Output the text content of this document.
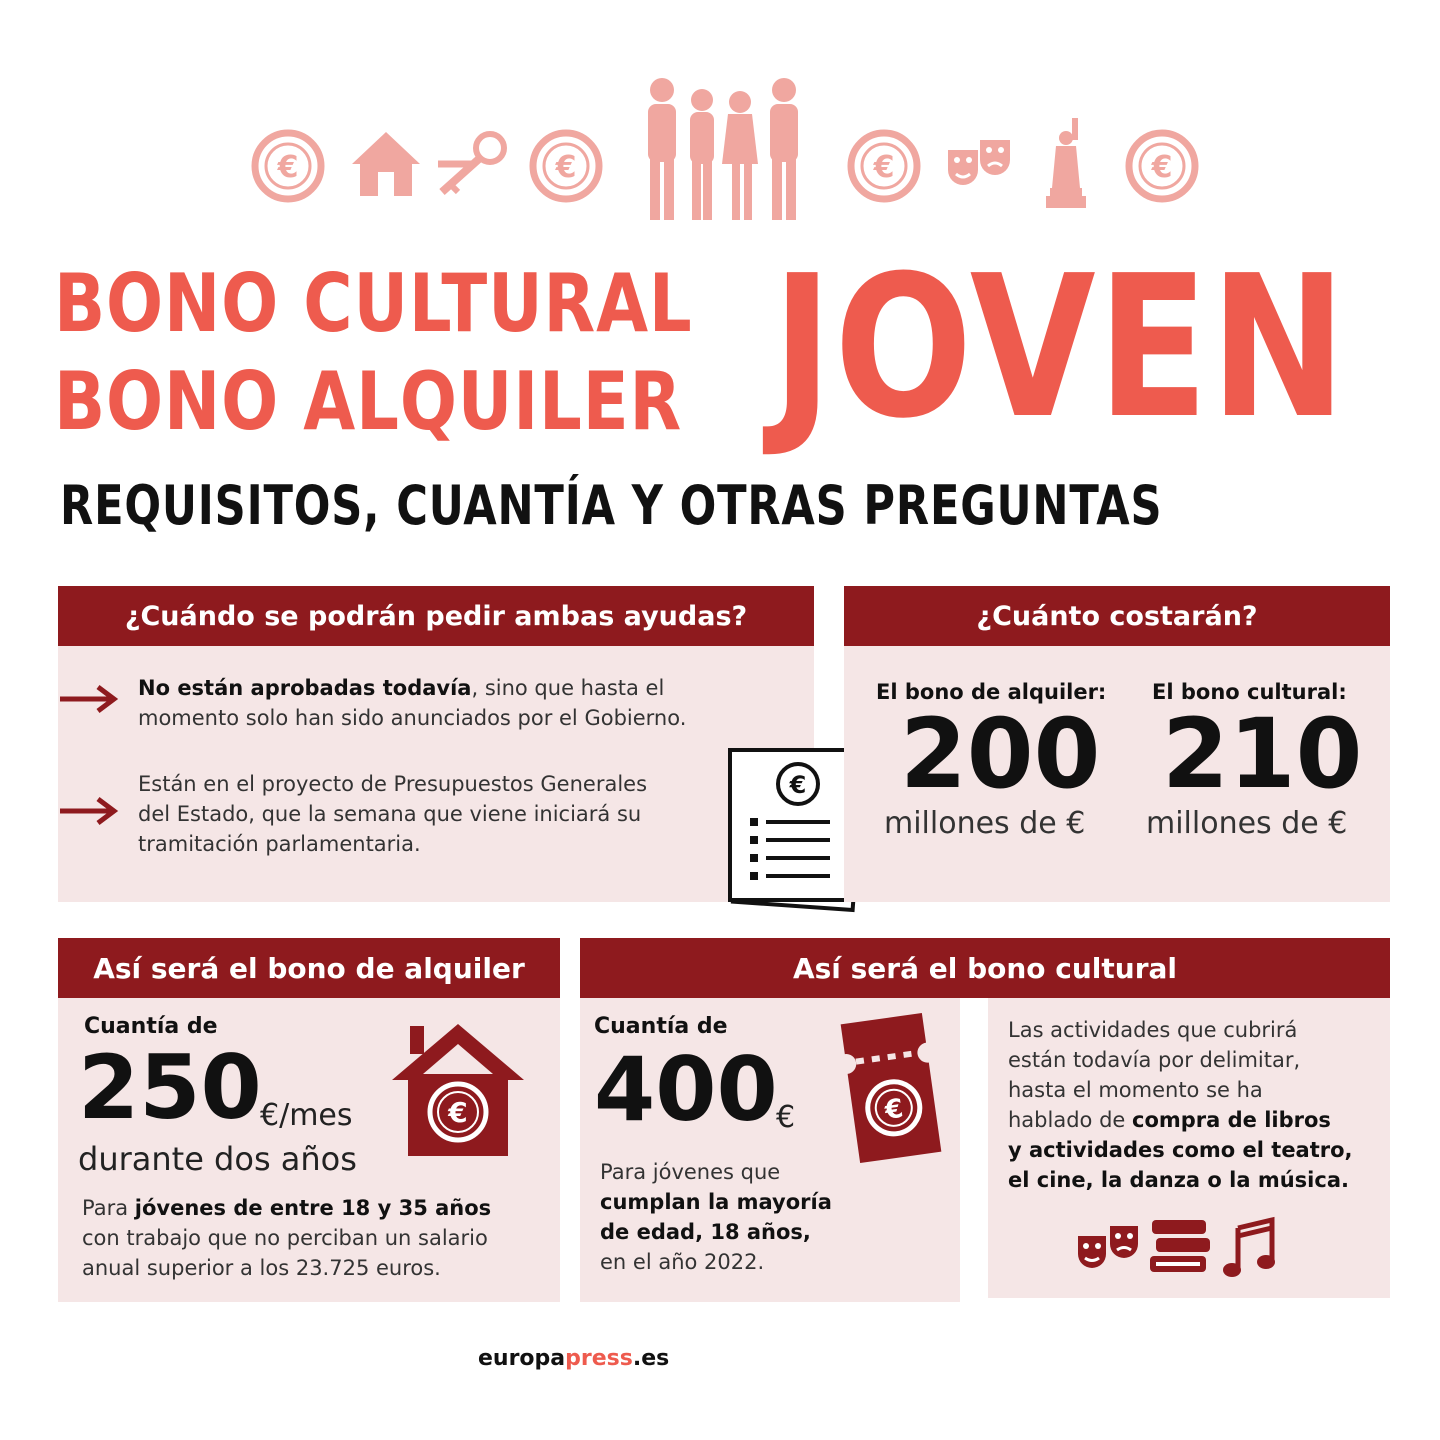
€	€	€	€
BONO CULTURAL
BONO ALQUILER JOVEN
REQUISITOS, CUANTÍA Y OTRAS PREGUNTAS
¿Cuándo se podrán pedir ambas ayudas?
No están aprobadas todavía, sino que hasta el
momento solo han sido anunciados por el Gobierno.
Están en el proyecto de Presupuestos Generales
del Estado, que la semana que viene iniciará su
tramitación parlamentaria.
€
¿Cuánto costarán?
El bono de alquiler:
200
millones de €
El bono cultural:
210
millones de €
Así será el bono de alquiler
Cuantía de
250
€/mes
durante dos años
€
Para jóvenes de entre 18 y 35 años
con trabajo que no perciban un salario
anual superior a los 23.725 euros.
Así será el bono cultural
Cuantía de
400
€	€
Para jóvenes que
cumplan la mayoría
de edad, 18 años,
en el año 2022.
Las actividades que cubrirá
están todavía por delimitar,
hasta el momento se ha
hablado de compra de libros
y actividades como el teatro,
el cine, la danza o la música.
europapress.es
